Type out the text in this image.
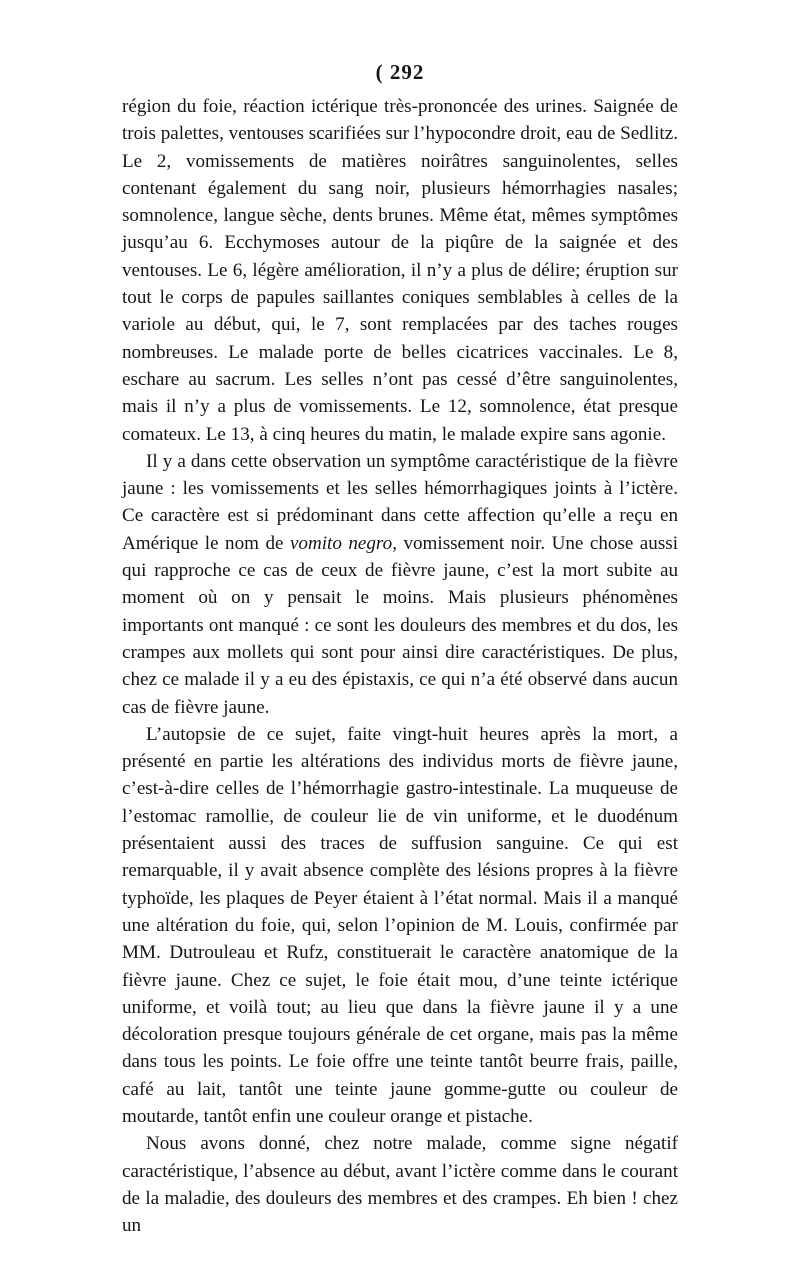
( 292

région du foie, réaction ictérique très-prononcée des urines. Saignée de trois palettes, ventouses scarifiées sur l’hypocondre droit, eau de Sedlitz. Le 2, vomissements de matières noirâtres sanguinolentes, selles contenant également du sang noir, plusieurs hémorrhagies nasales; somnolence, langue sèche, dents brunes. Même état, mêmes symptômes jusqu’au 6. Ecchymoses autour de la piqûre de la saignée et des ventouses. Le 6, légère amélioration, il n’y a plus de délire; éruption sur tout le corps de papules saillantes coniques semblables à celles de la variole au début, qui, le 7, sont remplacées par des taches rouges nombreuses. Le malade porte de belles cicatrices vaccinales. Le 8, eschare au sacrum. Les selles n’ont pas cessé d’être sanguinolentes, mais il n’y a plus de vomissements. Le 12, somnolence, état presque comateux. Le 13, à cinq heures du matin, le malade expire sans agonie.

Il y a dans cette observation un symptôme caractéristique de la fièvre jaune : les vomissements et les selles hémorrhagiques joints à l’ictère. Ce caractère est si prédominant dans cette affection qu’elle a reçu en Amérique le nom de vomito negro, vomissement noir. Une chose aussi qui rapproche ce cas de ceux de fièvre jaune, c’est la mort subite au moment où on y pensait le moins. Mais plusieurs phénomènes importants ont manqué : ce sont les douleurs des membres et du dos, les crampes aux mollets qui sont pour ainsi dire caractéristiques. De plus, chez ce malade il y a eu des épistaxis, ce qui n’a été observé dans aucun cas de fièvre jaune.

L’autopsie de ce sujet, faite vingt-huit heures après la mort, a présenté en partie les altérations des individus morts de fièvre jaune, c’est-à-dire celles de l’hémorrhagie gastro-intestinale. La muqueuse de l’estomac ramollie, de couleur lie de vin uniforme, et le duodénum présentaient aussi des traces de suffusion sanguine. Ce qui est remarquable, il y avait absence complète des lésions propres à la fièvre typhoïde, les plaques de Peyer étaient à l’état normal. Mais il a manqué une altération du foie, qui, selon l’opinion de M. Louis, confirmée par MM. Dutrouleau et Rufz, constituerait le caractère anatomique de la fièvre jaune. Chez ce sujet, le foie était mou, d’une teinte ictérique uniforme, et voilà tout; au lieu que dans la fièvre jaune il y a une décoloration presque toujours générale de cet organe, mais pas la même dans tous les points. Le foie offre une teinte tantôt beurre frais, paille, café au lait, tantôt une teinte jaune gomme-gutte ou couleur de moutarde, tantôt enfin une couleur orange et pistache.

Nous avons donné, chez notre malade, comme signe négatif caractéristique, l’absence au début, avant l’ictère comme dans le courant de la maladie, des douleurs des membres et des crampes. Eh bien ! chez un
